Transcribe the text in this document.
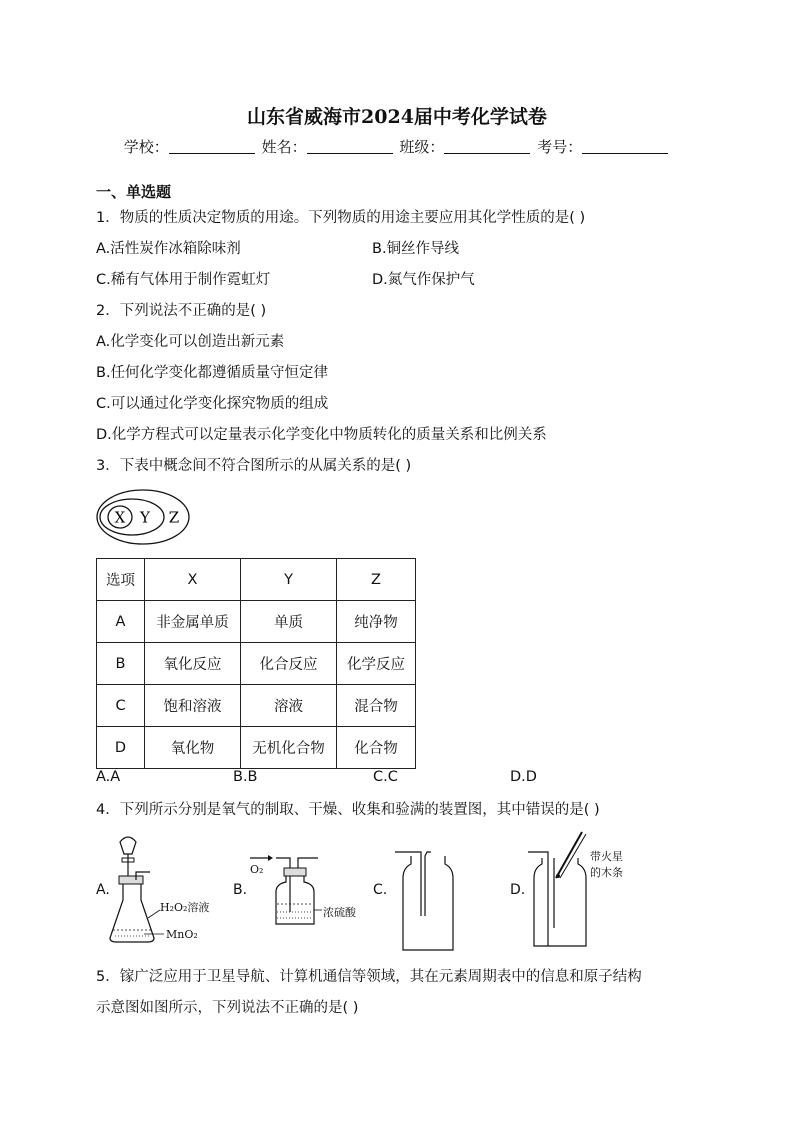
山东省威海市2024届中考化学试卷
学校：	姓名：	班级：	考号：
一、单选题
1．物质的性质决定物质的用途。下列物质的用途主要应用其化学性质的是( )
A.活性炭作冰箱除味剂	B.铜丝作导线
C.稀有气体用于制作霓虹灯	D.氮气作保护气
2．下列说法不正确的是( )
A.化学变化可以创造出新元素
B.任何化学变化都遵循质量守恒定律
C.可以通过化学变化探究物质的组成
D.化学方程式可以定量表示化学变化中物质转化的质量关系和比例关系
3．下表中概念间不符合图所示的从属关系的是( )
X Y Z
选项	X	Y	Z
A	非金属单质	单质	纯净物
B	氧化反应	化合反应	化学反应
C	饱和溶液	溶液	混合物
D	氧化物	无机化合物	化合物
A.A	B.B	C.C	D.D
4．下列所示分别是氧气的制取、干燥、收集和验满的装置图，其中错误的是( )
A.	B.	C.	D.
H₂O₂溶液
MnO₂
O₂
浓硫酸
带火星
的木条
5．镓广泛应用于卫星导航、计算机通信等领域，其在元素周期表中的信息和原子结构
示意图如图所示，下列说法不正确的是( )
